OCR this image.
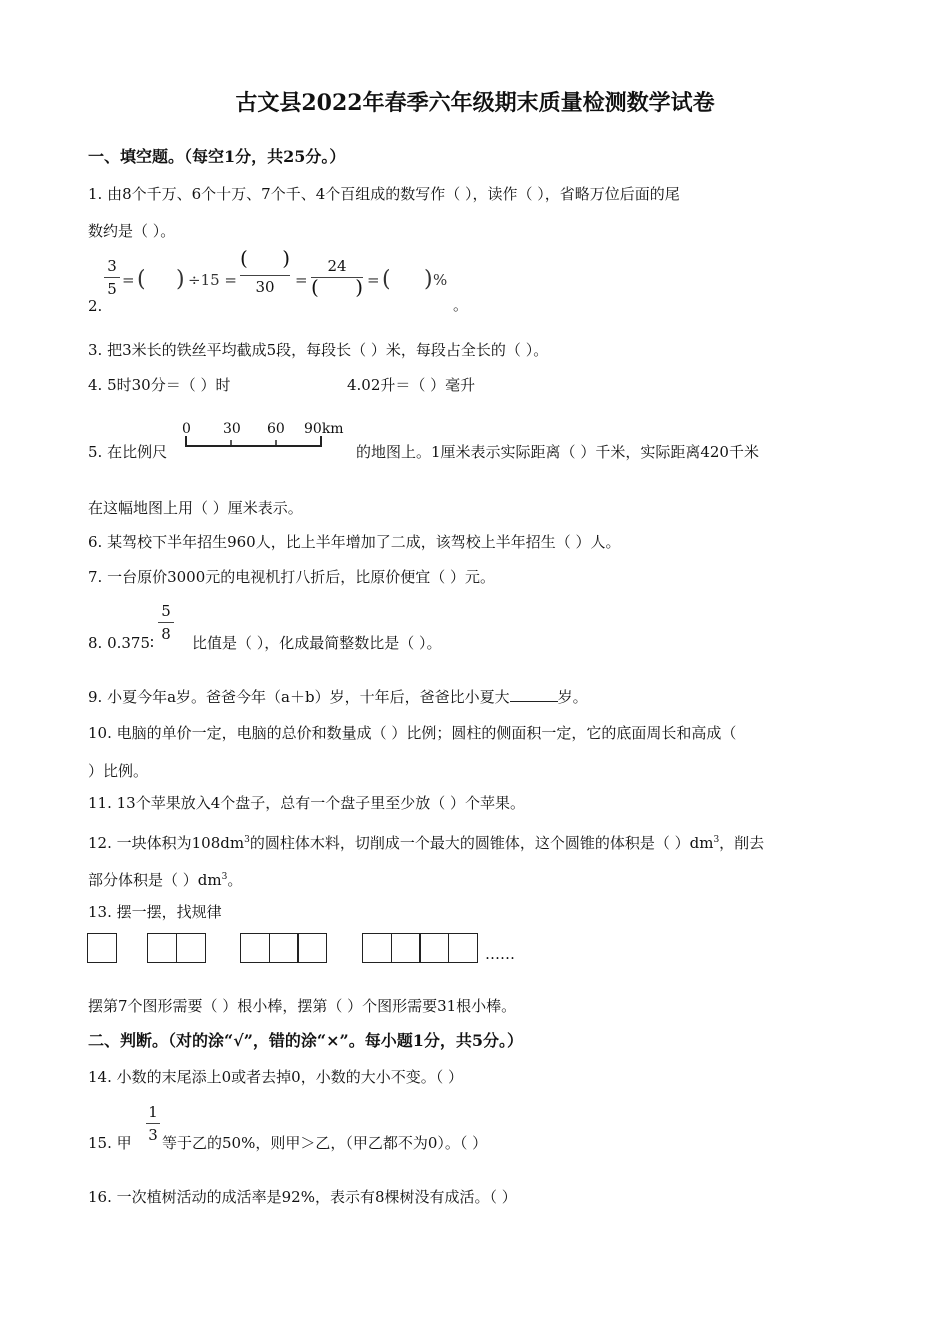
古文县2022年春季六年级期末质量检测数学试卷
一、填空题。（每空1分，共25分。）
1. 由8个千万、6个十万、7个千、4个百组成的数写作（ ），读作（ ），省略万位后面的尾
数约是（ ）。
2.
3
5 = ( ) ÷15 =
( )
30	=
24
( ) = ( ) %
。
3. 把3米长的铁丝平均截成5段，每段长（ ）米，每段占全长的（ ）。
4. 5时30分＝（ ）时	4.02升＝（ ）毫升
5. 在比例尺
0 30 60 90km
的地图上。1厘米表示实际距离（ ）千米，实际距离420千米
在这幅地图上用（ ）厘米表示。
6. 某驾校下半年招生960人，比上半年增加了二成，该驾校上半年招生（ ）人。
7. 一台原价3000元的电视机打八折后，比原价便宜（ ）元。
8. 0.375∶
5
8 比值是（ ），化成最简整数比是（ ）。
9. 小夏今年a岁。爸爸今年（a＋b）岁，十年后，爸爸比小夏大	岁。
10. 电脑的单价一定，电脑的总价和数量成（ ）比例；圆柱的侧面积一定，它的底面周长和高成（
）比例。
11. 13个苹果放入4个盘子，总有一个盘子里至少放（ ）个苹果。
12. 一块体积为$108dm^3$的圆柱体木料，切削成一个最大的圆锥体，这个圆锥的体积是（ ）$dm^3$，削去
部分体积是（ ）$dm^3$。
13. 摆一摆，找规律
……
摆第7个图形需要（ ）根小棒，摆第（ ）个图形需要31根小棒。
二、判断。（对的涂“√”，错的涂“×”。每小题1分，共5分。）
14. 小数的末尾添上0或者去掉0，小数的大小不变。（ ）
15. 甲
1
3 等于乙的50%，则甲＞乙，（甲乙都不为0）。（ ）
16. 一次植树活动的成活率是92%，表示有8棵树没有成活。（ ）
